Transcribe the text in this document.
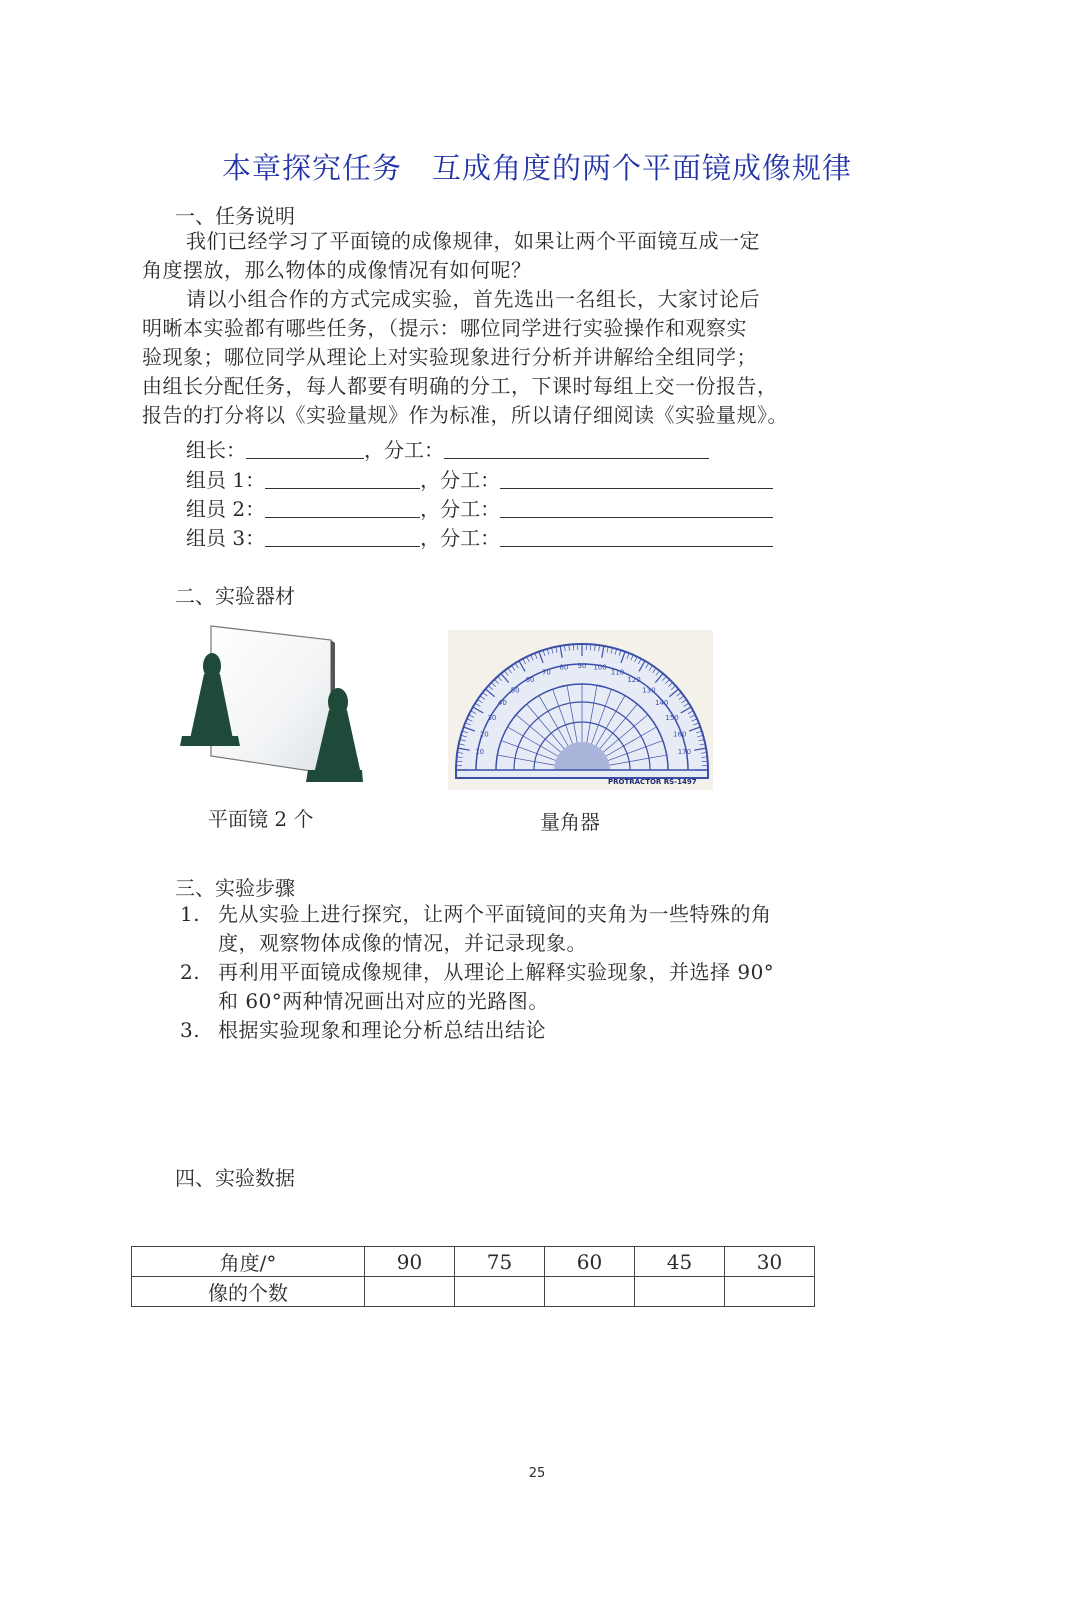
本章探究任务　互成角度的两个平面镜成像规律
一、任务说明
我们已经学习了平面镜的成像规律，如果让两个平面镜互成一定
角度摆放，那么物体的成像情况有如何呢？
请以小组合作的方式完成实验，首先选出一名组长，大家讨论后
明晰本实验都有哪些任务，（提示：哪位同学进行实验操作和观察实
验现象；哪位同学从理论上对实验现象进行分析并讲解给全组同学；
由组长分配任务，每人都要有明确的分工，下课时每组上交一份报告，
报告的打分将以《实验量规》作为标准，所以请仔细阅读《实验量规》。
组长：	，分工：
组员 1：	，分工：
组员 2：	，分工：
组员 3：	，分工：
二、实验器材
平面镜 2 个
10
20
30
40
50
60
70
80 90 100
110
120
130
140
150
160
170
PROTRACTOR RS-1497
量角器
三、实验步骤
1. 先从实验上进行探究，让两个平面镜间的夹角为一些特殊的角
度，观察物体成像的情况，并记录现象。
2. 再利用平面镜成像规律，从理论上解释实验现象，并选择 90°
和 60°两种情况画出对应的光路图。
3. 根据实验现象和理论分析总结出结论
四、实验数据
角度/°	90	75	60	45	30
像的个数					
25
